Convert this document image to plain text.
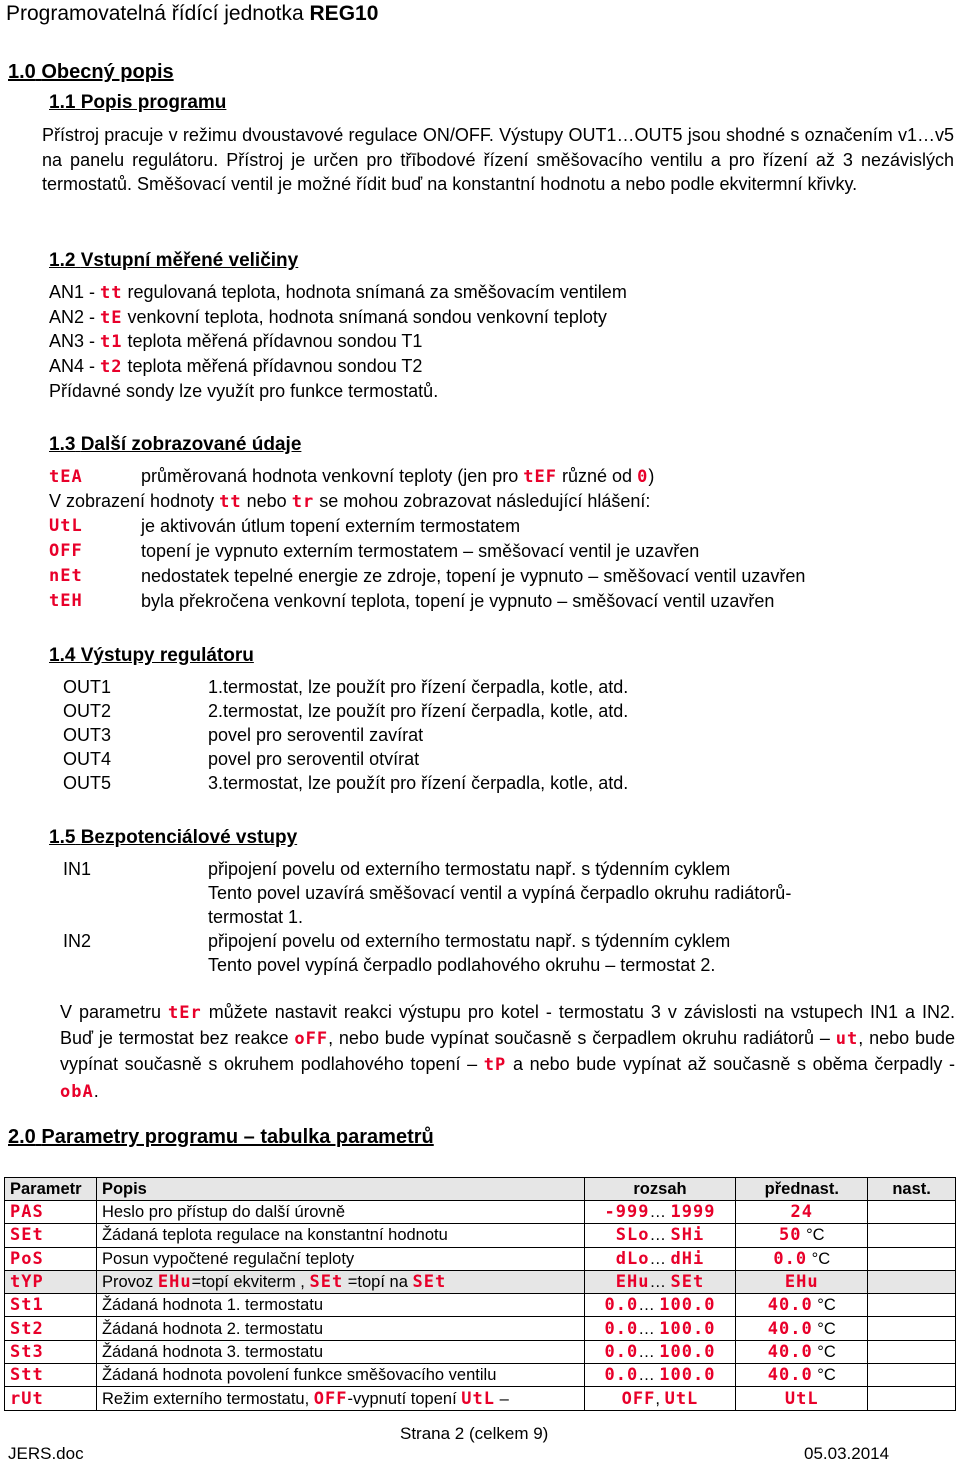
Programovatelná řídící jednotka REG10
1.0 Obecný popis
1.1 Popis programu
Přístroj pracuje v režimu dvoustavové regulace ON/OFF. Výstupy OUT1…OUT5 jsou shodné s označením v1…v5 na panelu regulátoru. Přístroj je určen pro třībodové řízení směšovacího ventilu a pro řízení až 3 nezávislých termostatů. Směšovací ventil je možné řídit buď na konstantní hodnotu a nebo podle ekvitermní křivky.
1.2 Vstupní měřené veličiny
AN1 - tt regulovaná teplota, hodnota snímaná za směšovacím ventilem
AN2 - tE venkovní teplota, hodnota snímaná sondou venkovní teploty
AN3 - t1 teplota měřená přídavnou sondou T1
AN4 - t2 teplota měřená přídavnou sondou T2
Přídavné sondy lze využít pro funkce termostatů.
1.3 Další zobrazované údaje
tEA	průměrovaná hodnota venkovní teploty (jen pro tEF různé od 0)
V zobrazení hodnoty tt nebo tr se mohou zobrazovat následující hlášení:
UtL	je aktivován útlum topení externím termostatem
OFF	topení je vypnuto externím termostatem – směšovací ventil je uzavřen
nEt	nedostatek tepelné energie ze zdroje, topení je vypnuto – směšovací ventil uzavřen
tEH	byla překročena venkovní teplota, topení je vypnuto – směšovací ventil uzavřen
1.4 Výstupy regulátoru
OUT1	1.termostat, lze použít pro řízení čerpadla, kotle, atd.
OUT2	2.termostat, lze použít pro řízení čerpadla, kotle, atd.
OUT3	povel pro seroventil zavírat
OUT4	povel pro seroventil otvírat
OUT5	3.termostat, lze použít pro řízení čerpadla, kotle, atd.
1.5 Bezpotenciálové vstupy
IN1	připojení povelu od externího termostatu např. s týdenním cyklem
Tento povel uzavírá směšovací ventil a vypíná čerpadlo okruhu radiátorů-
termostat 1.
IN2	připojení povelu od externího termostatu např. s týdenním cyklem
Tento povel vypíná čerpadlo podlahového okruhu – termostat 2.
V parametru tEr můžete nastavit reakci výstupu pro kotel - termostatu 3 v závislosti na vstupech IN1 a IN2. Buď je termostat bez reakce oFF, nebo bude vypínat současně s čerpadlem okruhu radiátorů – ut, nebo bude vypínat současně s okruhem podlahového topení – tP a nebo bude vypínat až současně s oběma čerpadly - obA.
2.0 Parametry programu – tabulka parametrů
Parametr	Popis	rozsah	přednast.	nast.
PAS	Heslo pro přístup do další úrovně	-999… 1999	24	
SEt	Žádaná teplota regulace na konstantní hodnotu	SLo… SHi	50 °C	
PoS	Posun vypočtené regulační teploty	dLo… dHi	0.0 °C	
tYP	Provoz EHu=topí ekviterm , SEt =topí na SEt	EHu… SEt	EHu	
St1	Žádaná hodnota 1. termostatu	0.0… 100.0	40.0 °C	
St2	Žádaná hodnota 2. termostatu	0.0… 100.0	40.0 °C	
St3	Žádaná hodnota 3. termostatu	0.0… 100.0	40.0 °C	
Stt	Žádaná hodnota povolení funkce směšovacího ventilu	0.0… 100.0	40.0 °C	
rUt	Režim externího termostatu, OFF-vypnutí topení UtL –	OFF, UtL	UtL	
Strana 2 (celkem 9)
JERS.doc	05.03.2014
